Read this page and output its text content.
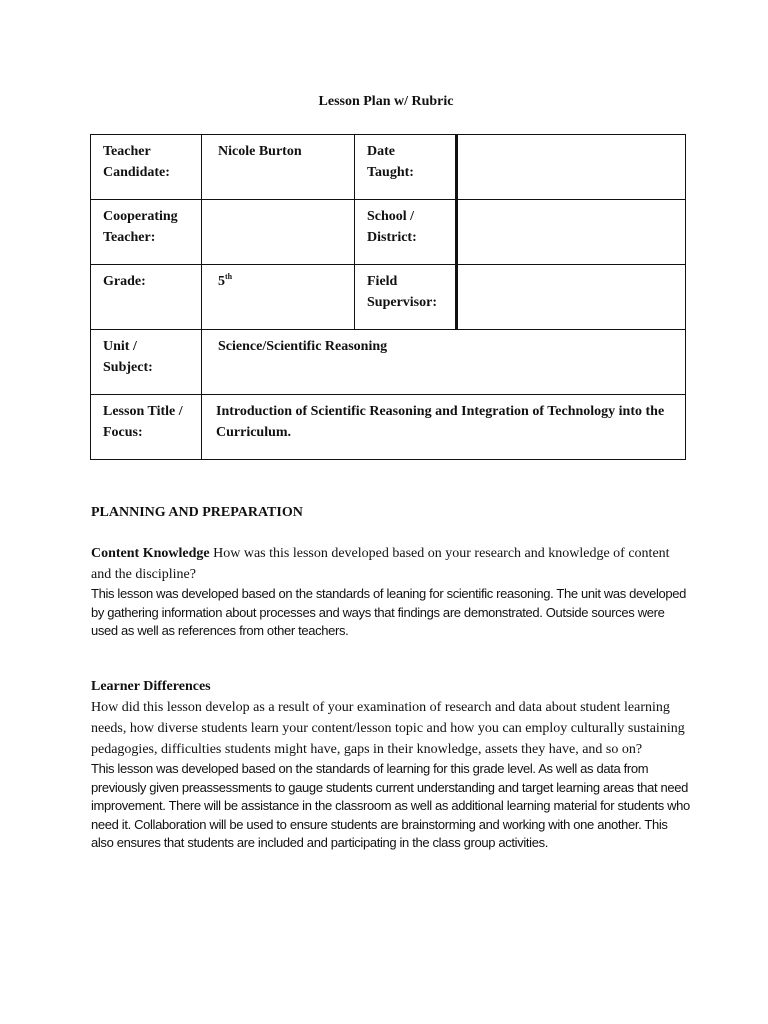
Lesson Plan w/ Rubric
Teacher Candidate:	Nicole Burton	Date Taught:	
Cooperating Teacher:		School / District:	
Grade:	5th	Field Supervisor:	
Unit / Subject:	Science/Scientific Reasoning		
Lesson Title / Focus:	Introduction of Scientific Reasoning and Integration of Technology into the Curriculum.		
PLANNING AND PREPARATION
Content Knowledge How was this lesson developed based on your research and knowledge of content and the discipline?
This lesson was developed based on the standards of leaning for scientific reasoning. The unit was developed by gathering information about processes and ways that findings are demonstrated. Outside sources were used as well as references from other teachers.
Learner Differences
How did this lesson develop as a result of your examination of research and data about student learning needs, how diverse students learn your content/lesson topic and how you can employ culturally sustaining pedagogies, difficulties students might have, gaps in their knowledge, assets they have, and so on?
This lesson was developed based on the standards of learning for this grade level. As well as data from previously given preassessments to gauge students current understanding and target learning areas that need improvement. There will be assistance in the classroom as well as additional learning material for students who need it. Collaboration will be used to ensure students are brainstorming and working with one another. This also ensures that students are included and participating in the class group activities.
